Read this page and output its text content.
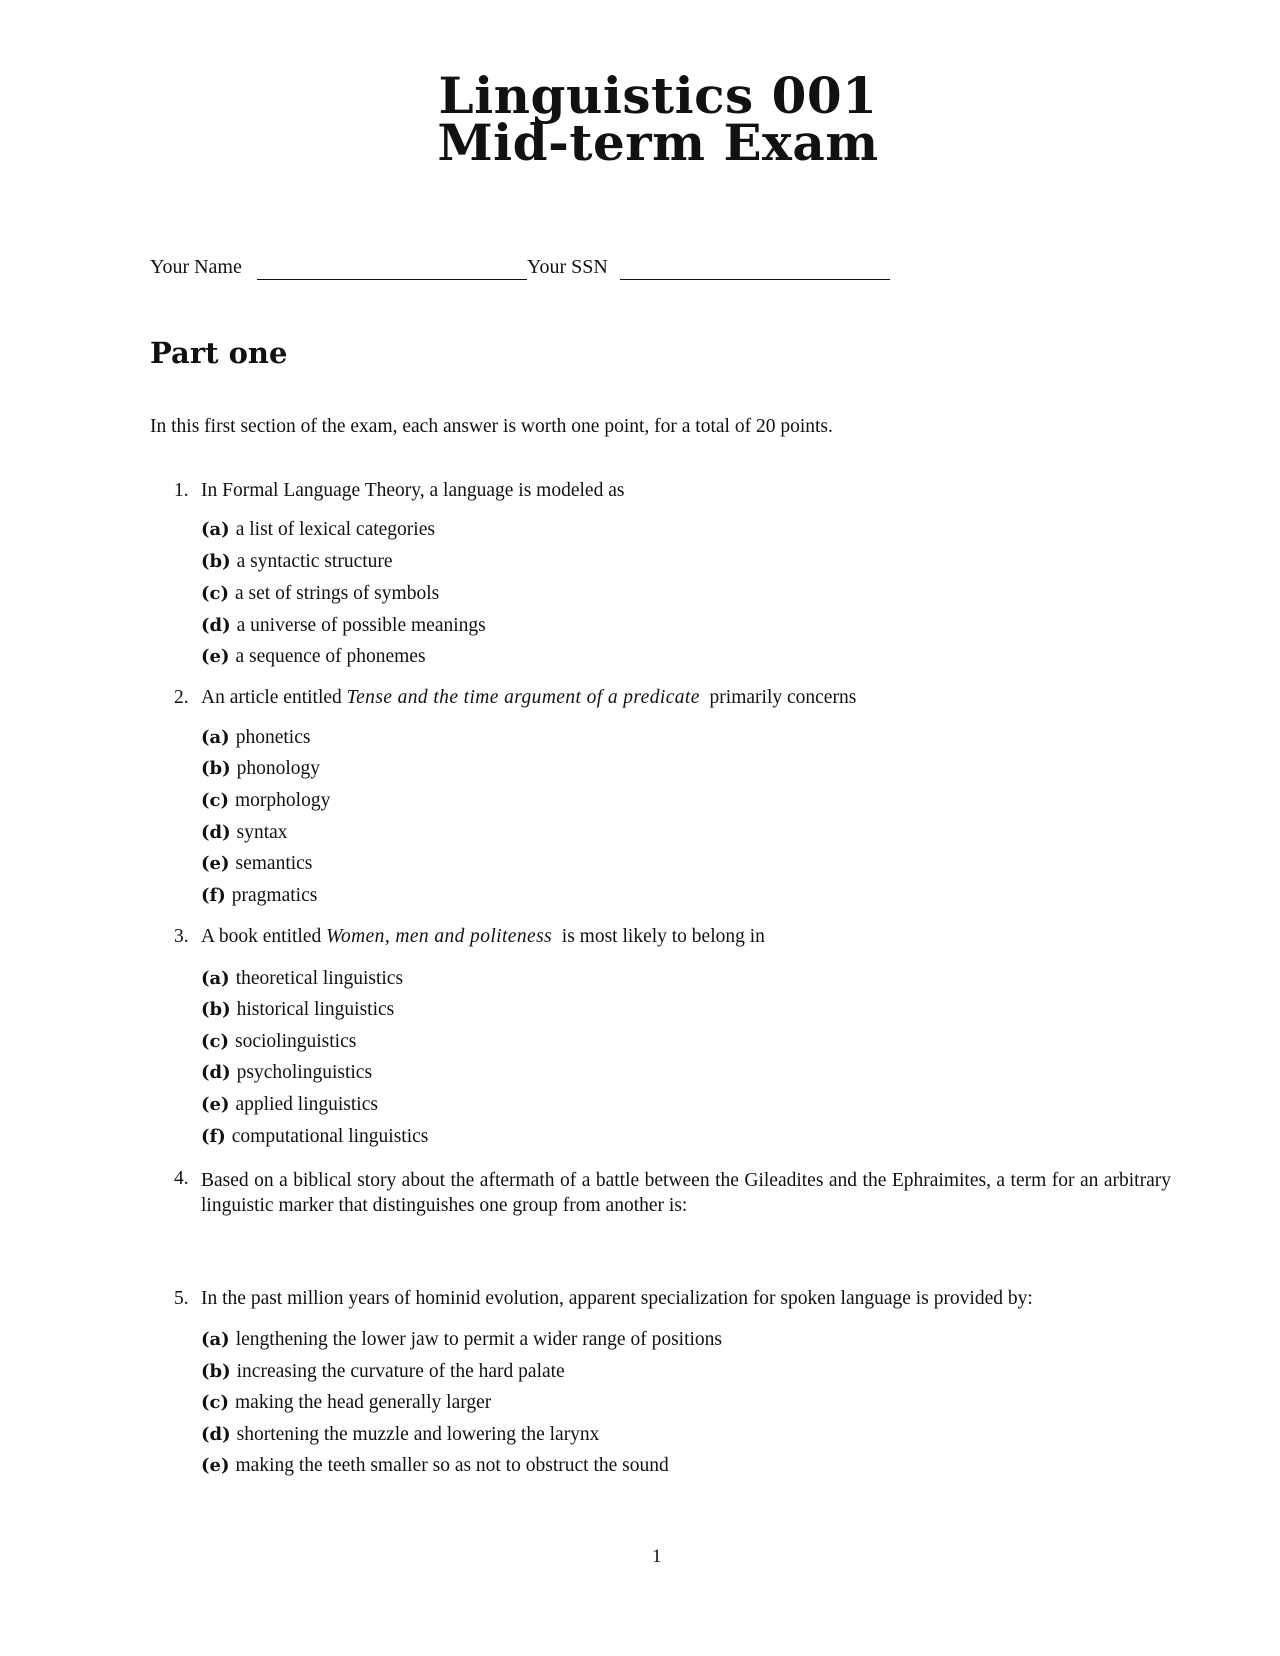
Linguistics 001
Mid-term Exam
Your Name	Your SSN
Part one
In this first section of the exam, each answer is worth one point, for a total of 20 points.
1. In Formal Language Theory, a language is modeled as
(a) a list of lexical categories
(b) a syntactic structure
(c) a set of strings of symbols
(d) a universe of possible meanings
(e) a sequence of phonemes
2. An article entitled Tense and the time argument of a predicate primarily concerns
(a) phonetics
(b) phonology
(c) morphology
(d) syntax
(e) semantics
(f) pragmatics
3. A book entitled Women, men and politeness is most likely to belong in
(a) theoretical linguistics
(b) historical linguistics
(c) sociolinguistics
(d) psycholinguistics
(e) applied linguistics
(f) computational linguistics
4. Based on a biblical story about the aftermath of a battle between the Gileadites and the Ephraimites, a term for an arbitrary linguistic marker that distinguishes one group from another is:
5. In the past million years of hominid evolution, apparent specialization for spoken language is provided by:
(a) lengthening the lower jaw to permit a wider range of positions
(b) increasing the curvature of the hard palate
(c) making the head generally larger
(d) shortening the muzzle and lowering the larynx
(e) making the teeth smaller so as not to obstruct the sound
1
